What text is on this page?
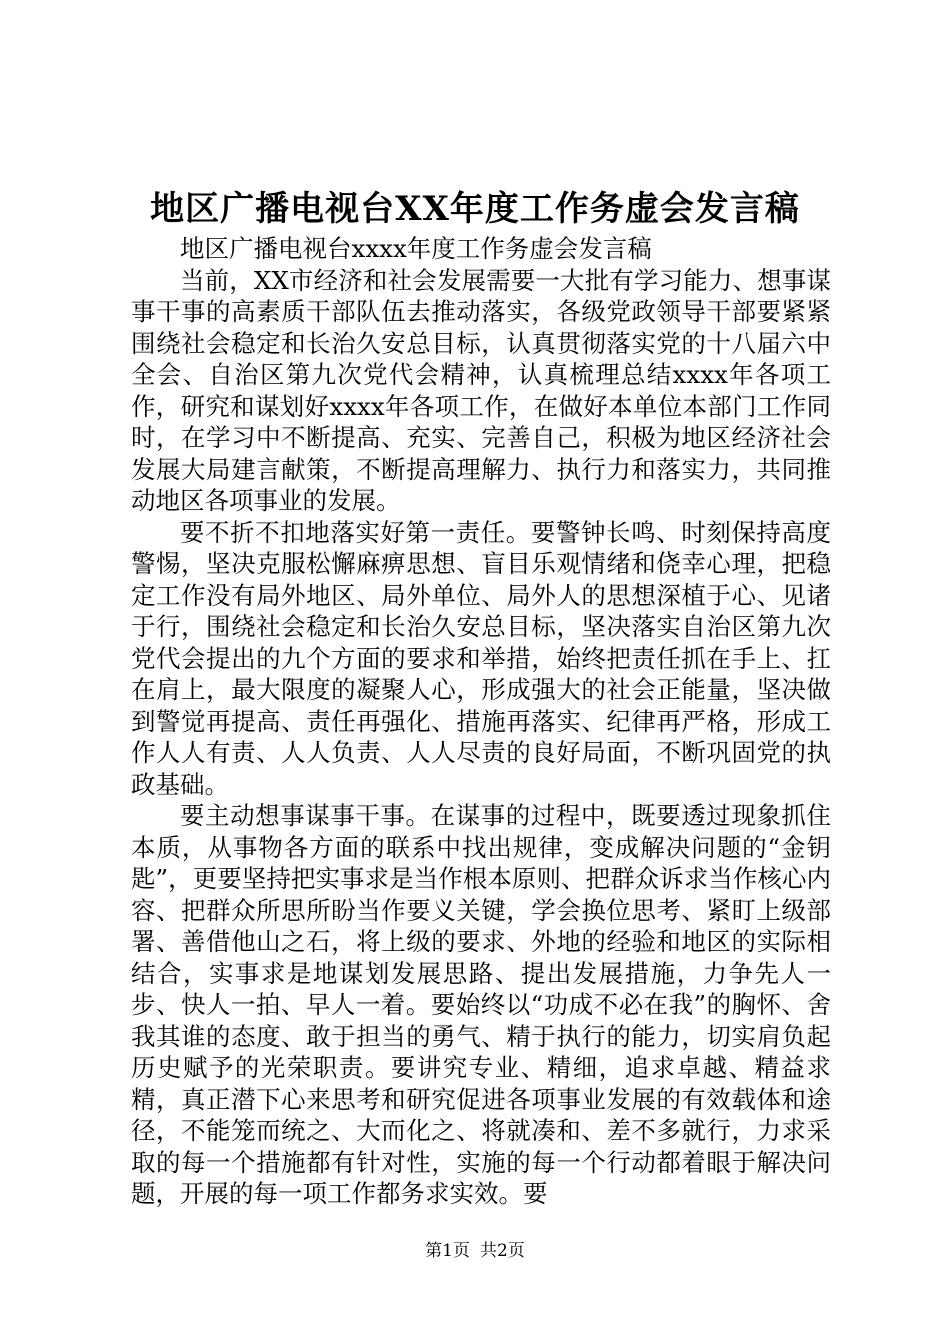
地区广播电视台XX年度工作务虚会发言稿

地区广播电视台xxxx年度工作务虚会发言稿

当前，XX市经济和社会发展需要一大批有学习能力、想事谋事干事的高素质干部队伍去推动落实，各级党政领导干部要紧紧围绕社会稳定和长治久安总目标，认真贯彻落实党的十八届六中全会、自治区第九次党代会精神，认真梳理总结xxxx年各项工作，研究和谋划好xxxx年各项工作，在做好本单位本部门工作同时，在学习中不断提高、充实、完善自己，积极为地区经济社会发展大局建言献策，不断提高理解力、执行力和落实力，共同推动地区各项事业的发展。

要不折不扣地落实好第一责任。要警钟长鸣、时刻保持高度警惕，坚决克服松懈麻痹思想、盲目乐观情绪和侥幸心理，把稳定工作没有局外地区、局外单位、局外人的思想深植于心、见诸于行，围绕社会稳定和长治久安总目标，坚决落实自治区第九次党代会提出的九个方面的要求和举措，始终把责任抓在手上、扛在肩上，最大限度的凝聚人心，形成强大的社会正能量，坚决做到警觉再提高、责任再强化、措施再落实、纪律再严格，形成工作人人有责、人人负责、人人尽责的良好局面，不断巩固党的执政基础。

要主动想事谋事干事。在谋事的过程中，既要透过现象抓住本质，从事物各方面的联系中找出规律，变成解决问题的“金钥匙”，更要坚持把实事求是当作根本原则、把群众诉求当作核心内容、把群众所思所盼当作要义关键，学会换位思考、紧盯上级部署、善借他山之石，将上级的要求、外地的经验和地区的实际相结合，实事求是地谋划发展思路、提出发展措施，力争先人一步、快人一拍、早人一着。要始终以“功成不必在我”的胸怀、舍我其谁的态度、敢于担当的勇气、精于执行的能力，切实肩负起历史赋予的光荣职责。要讲究专业、精细，追求卓越、精益求精，真正潜下心来思考和研究促进各项事业发展的有效载体和途径，不能笼而统之、大而化之、将就凑和、差不多就行，力求采取的每一个措施都有针对性，实施的每一个行动都着眼于解决问题，开展的每一项工作都务求实效。要

第1页 共2页
